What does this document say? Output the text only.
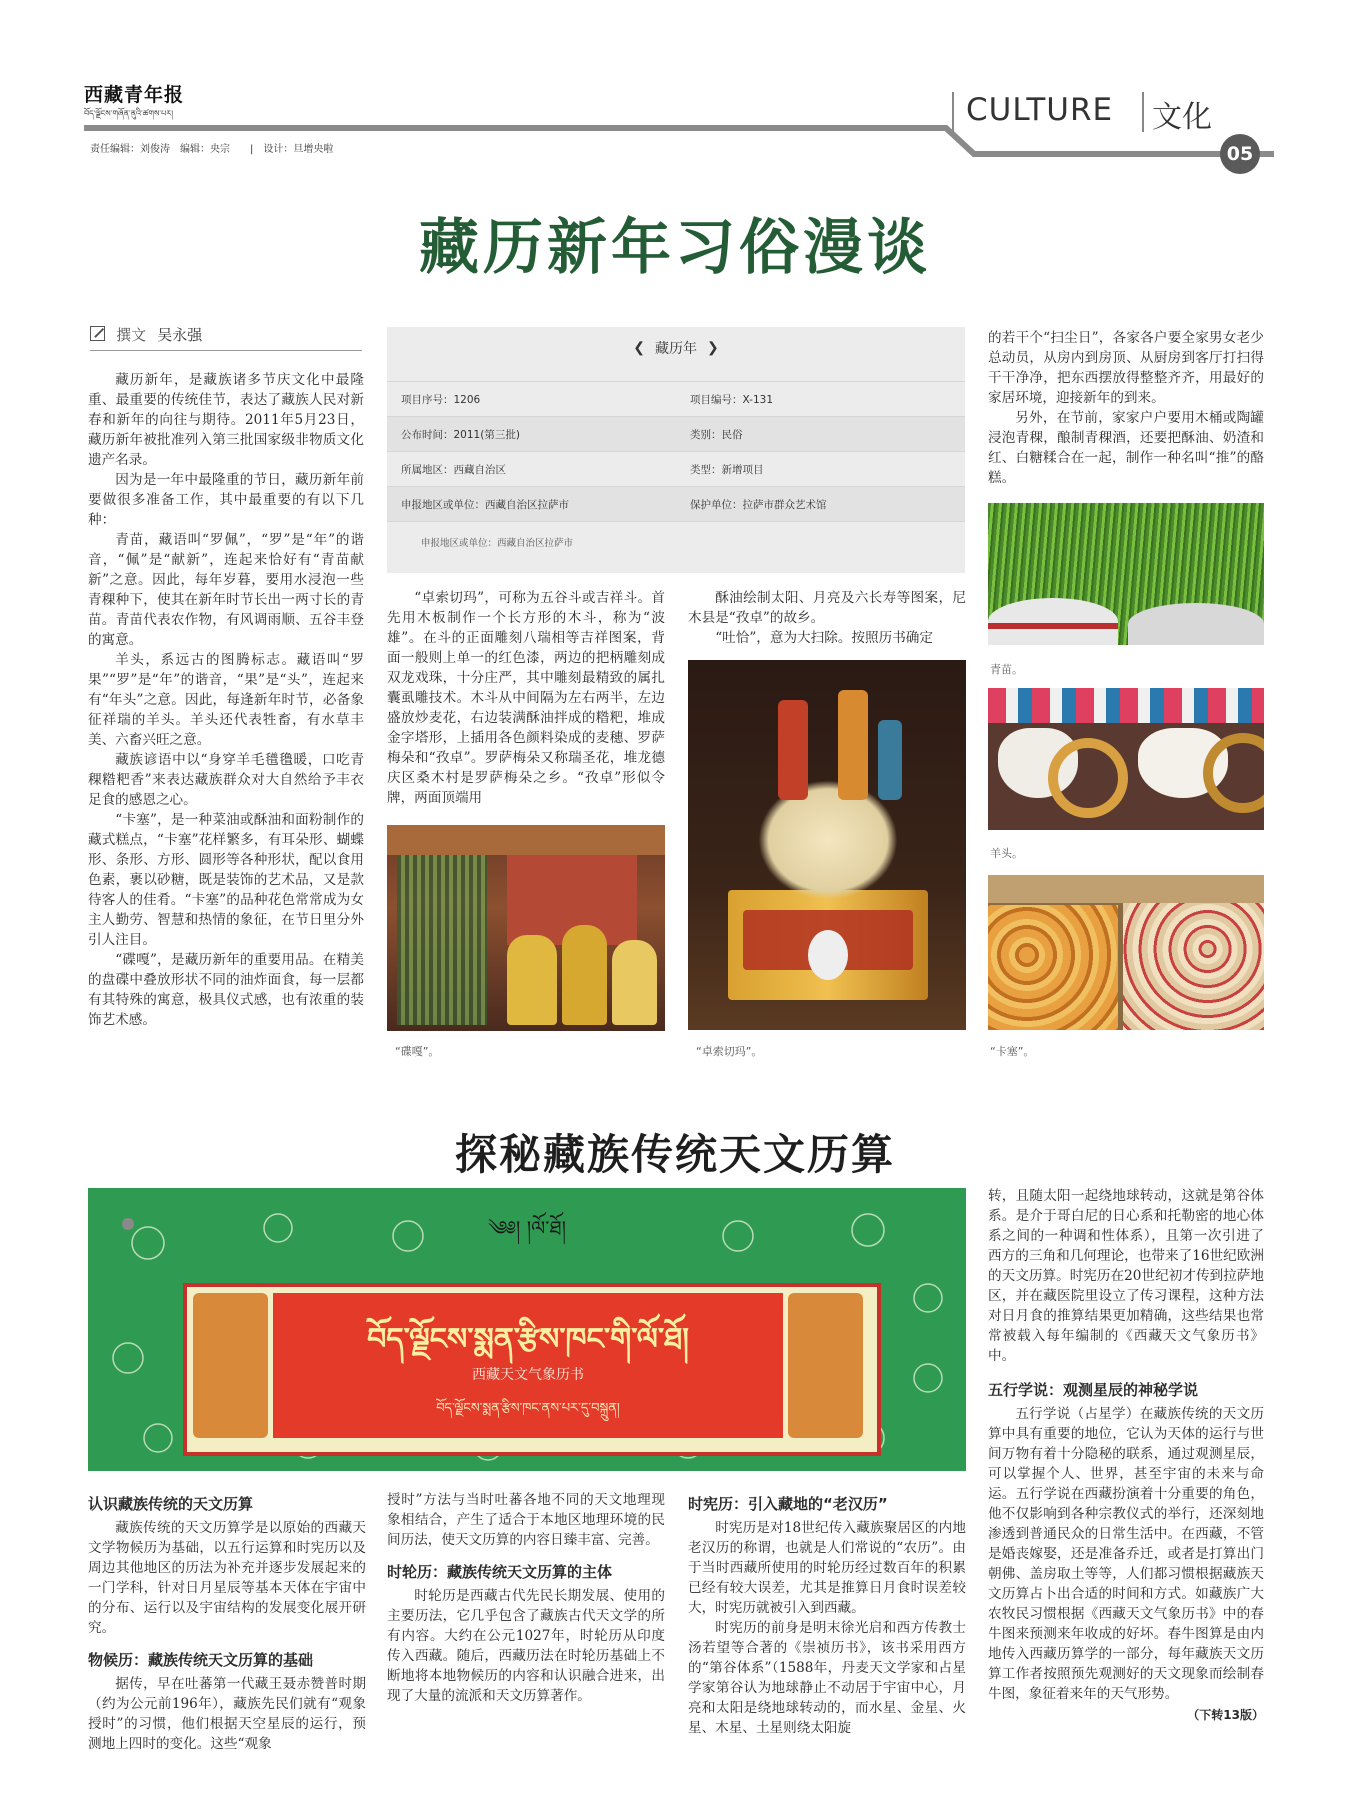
西藏青年报
བོད་ལྗོངས་གཞོན་ནུའི་ཚགས་པར།	CULTURE 文化
05
责任编辑：刘俊涛　编辑：央宗　　|　设计：旦增央啦
藏历新年习俗漫谈
撰文 吴永强

藏历新年，是藏族诸多节庆文化中最隆重、最重要的传统佳节，表达了藏族人民对新春和新年的向往与期待。2011年5月23日，藏历新年被批准列入第三批国家级非物质文化遗产名录。

因为是一年中最隆重的节日，藏历新年前要做很多准备工作，其中最重要的有以下几种：

青苗，藏语叫“罗佩”，“罗”是“年”的谐音，“佩”是“献新”，连起来恰好有“青苗献新”之意。因此，每年岁暮，要用水浸泡一些青稞种下，使其在新年时节长出一两寸长的青苗。青苗代表农作物，有风调雨顺、五谷丰登的寓意。

羊头，系远古的图腾标志。藏语叫“罗果”“罗”是“年”的谐音，“果”是“头”，连起来有“年头”之意。因此，每逢新年时节，必备象征祥瑞的羊头。羊头还代表牲畜，有水草丰美、六畜兴旺之意。

藏族谚语中以“身穿羊毛氆氇暖，口吃青稞糌粑香”来表达藏族群众对大自然给予丰衣足食的感恩之心。

“卡塞”，是一种菜油或酥油和面粉制作的藏式糕点，“卡塞”花样繁多，有耳朵形、蝴蝶形、条形、方形、圆形等各种形状，配以食用色素，裹以砂糖，既是装饰的艺术品，又是款待客人的佳肴。“卡塞”的品种花色常常成为女主人勤劳、智慧和热情的象征，在节日里分外引人注目。

“碟嘎”，是藏历新年的重要用品。在精美的盘碟中叠放形状不同的油炸面食，每一层都有其特殊的寓意，极具仪式感，也有浓重的装饰艺术感。

❮ 藏历年 ❯
项目序号：1206	项目编号：X-131
公布时间：2011(第三批)	类别：民俗
所属地区：西藏自治区	类型：新增项目
申报地区或单位：西藏自治区拉萨市	保护单位：拉萨市群众艺术馆
申报地区或单位：西藏自治区拉萨市

“卓索切玛”，可称为五谷斗或吉祥斗。首先用木板制作一个长方形的木斗，称为“波雄”。在斗的正面雕刻八瑞相等吉祥图案，背面一般则上单一的红色漆，两边的把柄雕刻成双龙戏珠，十分庄严，其中雕刻最精致的属扎囊虱雕技术。木斗从中间隔为左右两半，左边盛放炒麦花，右边装满酥油拌成的糌粑，堆成金字塔形，上插用各色颜料染成的麦穗、罗萨梅朵和“孜卓”。罗萨梅朵又称瑞圣花，堆龙德庆区桑木村是罗萨梅朵之乡。“孜卓”形似令牌，两面顶端用

酥油绘制太阳、月亮及六长寿等图案，尼木县是“孜卓”的故乡。

“吐恰”，意为大扫除。按照历书确定

的若干个“扫尘日”，各家各户要全家男女老少总动员，从房内到房顶、从厨房到客厅打扫得干干净净，把东西摆放得整整齐齐，用最好的家居环境，迎接新年的到来。

另外，在节前，家家户户要用木桶或陶罐浸泡青稞，酿制青稞酒，还要把酥油、奶渣和红、白糖糅合在一起，制作一种名叫“推”的酪糕。

“碟嘎”。	“卓索切玛”。
青苗。
羊头。
“卡塞”。
探秘藏族传统天文历算
༄༅། །ལོ་ཐོ།
བོད་ལྗོངས་སྨན་རྩིས་ཁང་གི་ལོ་ཐོ།
西藏天文气象历书
བོད་ལྗོངས་སྨན་རྩིས་ཁང་ནས་པར་དུ་བསྐྲུན།
认识藏族传统的天文历算

藏族传统的天文历算学是以原始的西藏天文学物候历为基础，以五行运算和时宪历以及周边其他地区的历法为补充并逐步发展起来的一门学科，针对日月星辰等基本天体在宇宙中的分布、运行以及宇宙结构的发展变化展开研究。

物候历：藏族传统天文历算的基础

据传，早在吐蕃第一代藏王聂赤赞普时期（约为公元前196年），藏族先民们就有“观象授时”的习惯，他们根据天空星辰的运行，预测地上四时的变化。这些“观象

授时”方法与当时吐蕃各地不同的天文地理现象相结合，产生了适合于本地区地理环境的民间历法，使天文历算的内容日臻丰富、完善。

时轮历：藏族传统天文历算的主体

时轮历是西藏古代先民长期发展、使用的主要历法，它几乎包含了藏族古代天文学的所有内容。大约在公元1027年，时轮历从印度传入西藏。随后，西藏历法在时轮历基础上不断地将本地物候历的内容和认识融合进来，出现了大量的流派和天文历算著作。

时宪历：引入藏地的“老汉历”

时宪历是对18世纪传入藏族聚居区的内地老汉历的称谓，也就是人们常说的“农历”。由于当时西藏所使用的时轮历经过数百年的积累已经有较大误差，尤其是推算日月食时误差较大，时宪历就被引入到西藏。

时宪历的前身是明末徐光启和西方传教士汤若望等合著的《崇祯历书》，该书采用西方的“第谷体系”（1588年，丹麦天文学家和占星学家第谷认为地球静止不动居于宇宙中心，月亮和太阳是绕地球转动的，而水星、金星、火星、木星、土星则绕太阳旋

转，且随太阳一起绕地球转动，这就是第谷体系。是介于哥白尼的日心系和托勒密的地心体系之间的一种调和性体系），且第一次引进了西方的三角和几何理论，也带来了16世纪欧洲的天文历算。时宪历在20世纪初才传到拉萨地区，并在藏医院里设立了传习课程，这种方法对日月食的推算结果更加精确，这些结果也常常被载入每年编制的《西藏天文气象历书》中。

五行学说：观测星辰的神秘学说

五行学说（占星学）在藏族传统的天文历算中具有重要的地位，它认为天体的运行与世间万物有着十分隐秘的联系，通过观测星辰，可以掌握个人、世界，甚至宇宙的未来与命运。五行学说在西藏扮演着十分重要的角色，他不仅影响到各种宗教仪式的举行，还深刻地渗透到普通民众的日常生活中。在西藏，不管是婚丧嫁娶，还是准备乔迁，或者是打算出门朝佛、盖房取土等等，人们都习惯根据藏族天文历算占卜出合适的时间和方式。如藏族广大农牧民习惯根据《西藏天文气象历书》中的春牛图来预测来年收成的好坏。春牛图算是由内地传入西藏历算学的一部分，每年藏族天文历算工作者按照预先观测好的天文现象而绘制春牛图，象征着来年的天气形势。

（下转13版）
